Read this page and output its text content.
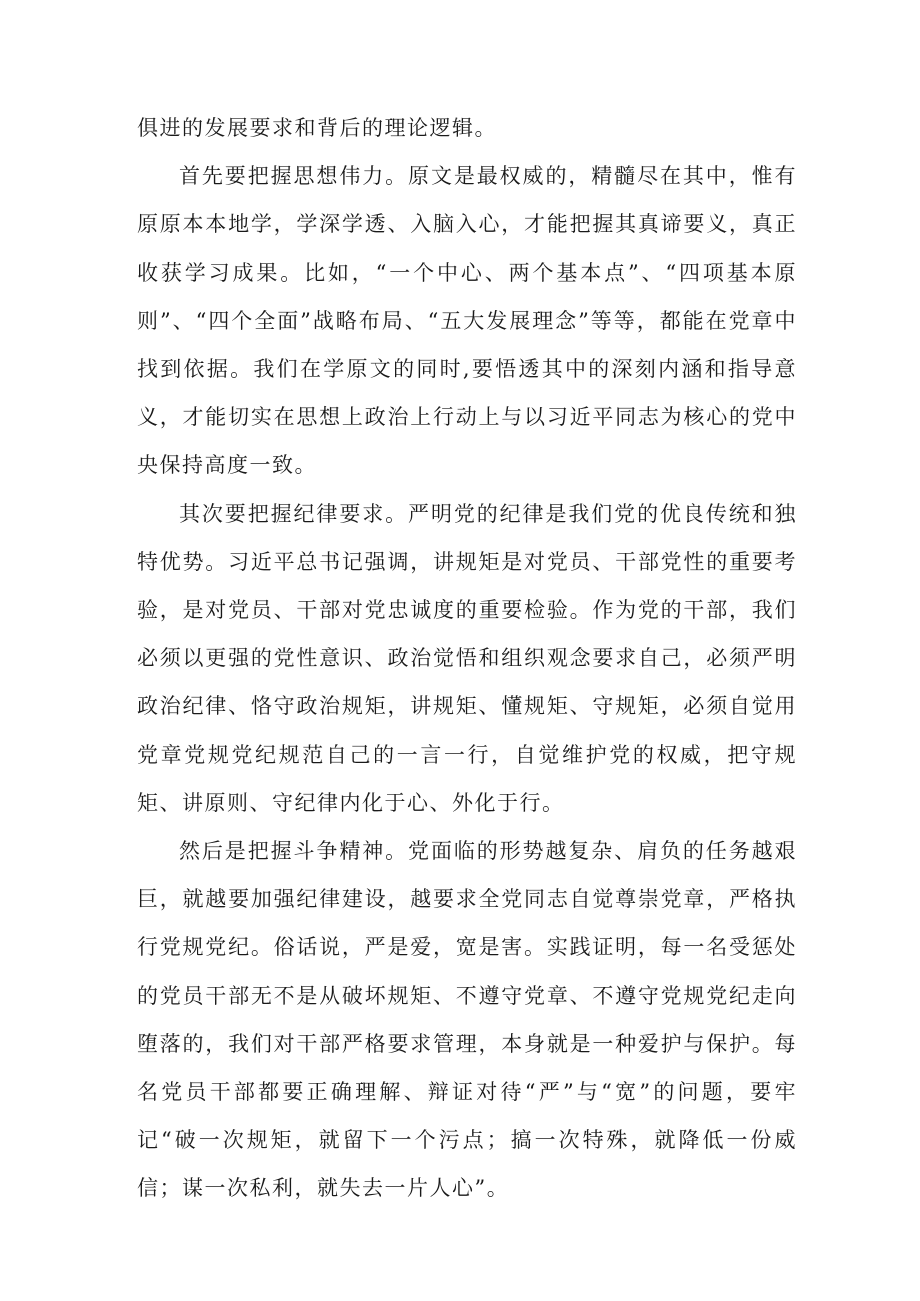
俱进的发展要求和背后的理论逻辑。

首先要把握思想伟力。原文是最权威的，精髓尽在其中，惟有原原本本地学，学深学透、入脑入心，才能把握其真谛要义，真正收获学习成果。比如，“一个中心、两个基本点”、“四项基本原则”、“四个全面”战略布局、“五大发展理念”等等，都能在党章中找到依据。我们在学原文的同时,要悟透其中的深刻内涵和指导意义，才能切实在思想上政治上行动上与以习近平同志为核心的党中央保持高度一致。

其次要把握纪律要求。严明党的纪律是我们党的优良传统和独特优势。习近平总书记强调，讲规矩是对党员、干部党性的重要考验，是对党员、干部对党忠诚度的重要检验。作为党的干部，我们必须以更强的党性意识、政治觉悟和组织观念要求自己，必须严明政治纪律、恪守政治规矩，讲规矩、懂规矩、守规矩，必须自觉用党章党规党纪规范自己的一言一行，自觉维护党的权威，把守规矩、讲原则、守纪律内化于心、外化于行。

然后是把握斗争精神。党面临的形势越复杂、肩负的任务越艰巨，就越要加强纪律建设，越要求全党同志自觉尊崇党章，严格执行党规党纪。俗话说，严是爱，宽是害。实践证明，每一名受惩处的党员干部无不是从破坏规矩、不遵守党章、不遵守党规党纪走向堕落的，我们对干部严格要求管理，本身就是一种爱护与保护。每名党员干部都要正确理解、辩证对待“严”与“宽”的问题，要牢记“破一次规矩，就留下一个污点；搞一次特殊，就降低一份威信；谋一次私利，就失去一片人心”。
